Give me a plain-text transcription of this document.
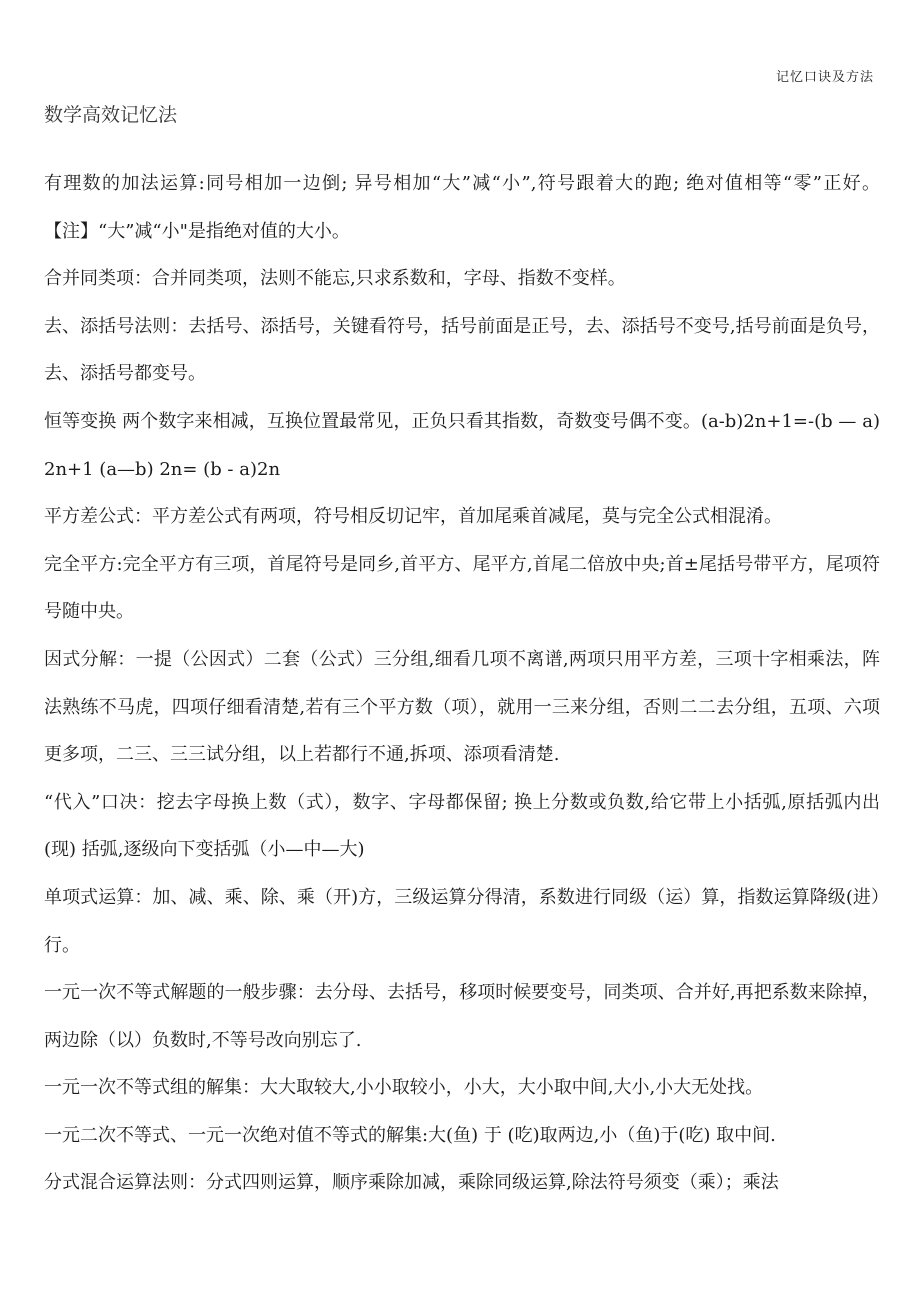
记忆口诀及方法
数学高效记忆法

有理数的加法运算:同号相加一边倒; 异号相加“大”减“小”,符号跟着大的跑; 绝对值相等“零”正好。【注】“大”减“小"是指绝对值的大小。

合并同类项：合并同类项，法则不能忘,只求系数和，字母、指数不变样。

去、添括号法则：去括号、添括号，关键看符号，括号前面是正号，去、添括号不变号,括号前面是负号，去、添括号都变号。

恒等变换 两个数字来相减，互换位置最常见，正负只看其指数，奇数变号偶不变。(a-b)2n+1=-(b — a) 2n+1 (a—b) 2n= (b - a)2n

平方差公式：平方差公式有两项，符号相反切记牢，首加尾乘首减尾，莫与完全公式相混淆。

完全平方:完全平方有三项，首尾符号是同乡,首平方、尾平方,首尾二倍放中央;首±尾括号带平方，尾项符号随中央。

因式分解：一提（公因式）二套（公式）三分组,细看几项不离谱,两项只用平方差，三项十字相乘法，阵法熟练不马虎，四项仔细看清楚,若有三个平方数（项），就用一三来分组，否则二二去分组，五项、六项更多项，二三、三三试分组，以上若都行不通,拆项、添项看清楚.

“代入”口决：挖去字母换上数（式），数字、字母都保留; 换上分数或负数,给它带上小括弧,原括弧内出(现) 括弧,逐级向下变括弧（小—中—大)

单项式运算：加、减、乘、除、乘（开)方，三级运算分得清，系数进行同级（运）算，指数运算降级(进）行。

一元一次不等式解题的一般步骤：去分母、去括号，移项时候要变号，同类项、合并好,再把系数来除掉，两边除（以）负数时,不等号改向别忘了.

一元一次不等式组的解集：大大取较大,小小取较小，小大，大小取中间,大小,小大无处找。

一元二次不等式、一元一次绝对值不等式的解集:大(鱼) 于 (吃)取两边,小（鱼)于(吃) 取中间.

分式混合运算法则：分式四则运算，顺序乘除加减，乘除同级运算,除法符号须变（乘）；乘法
